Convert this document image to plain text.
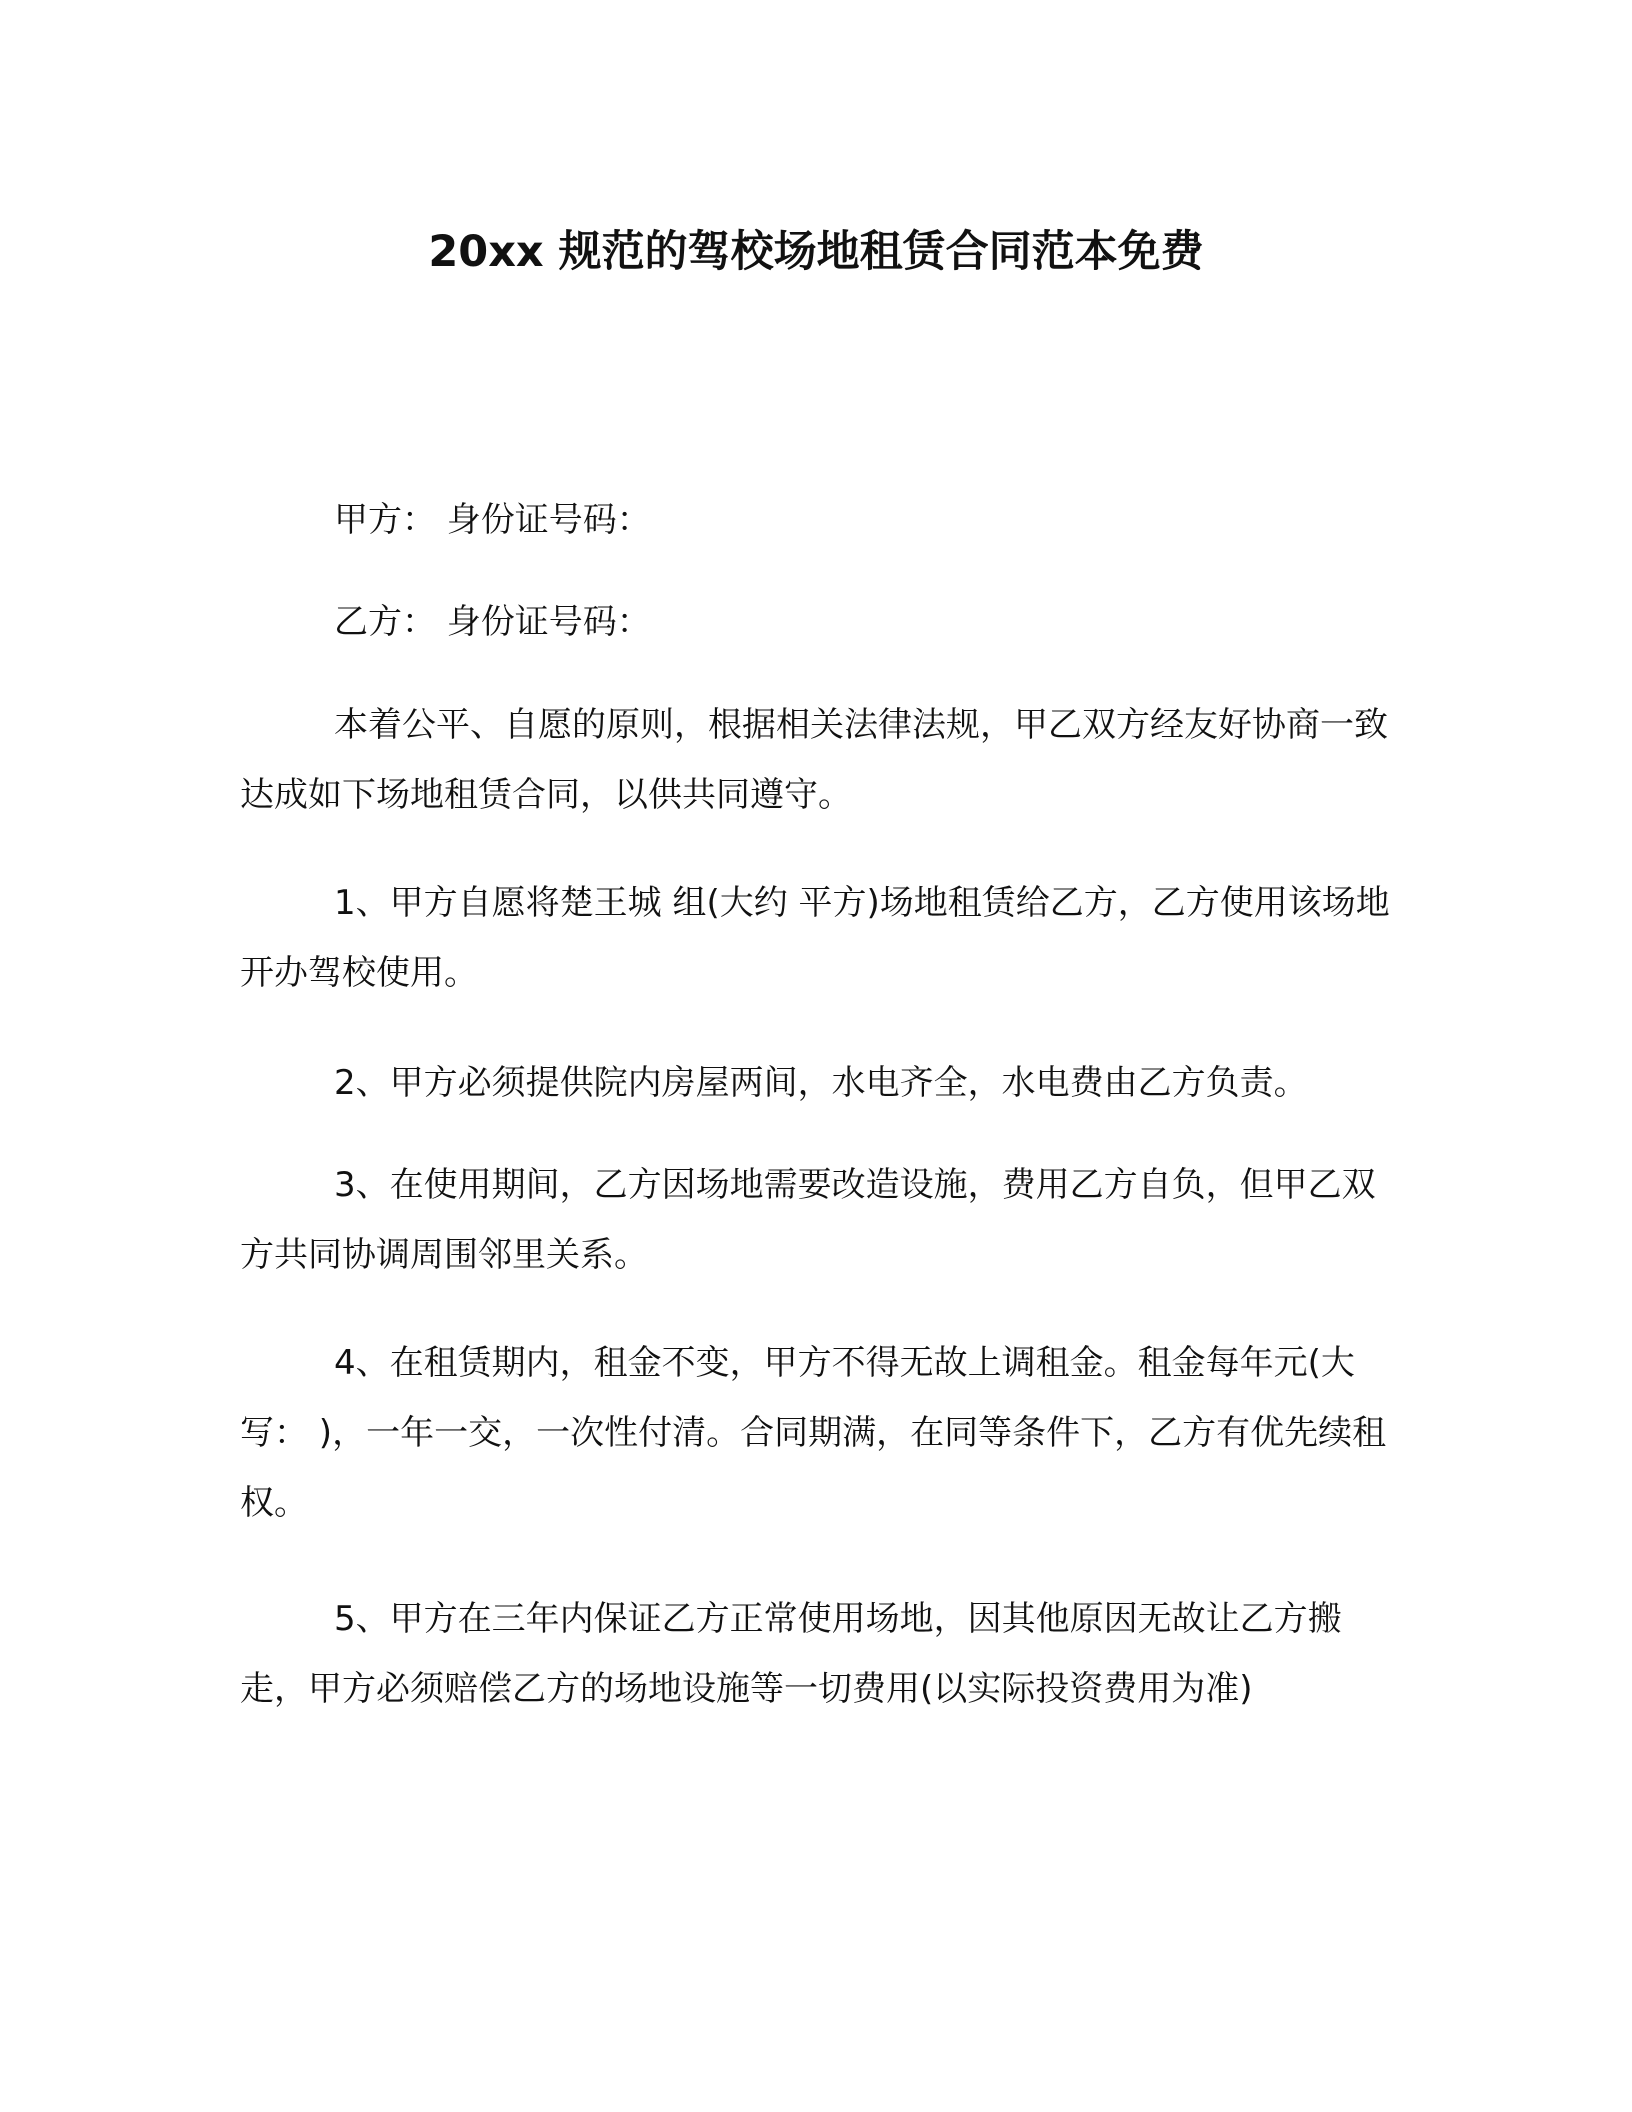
20xx 规范的驾校场地租赁合同范本免费

甲方： 身份证号码：

乙方： 身份证号码：

本着公平、自愿的原则，根据相关法律法规，甲乙双方经友好协商一致达成如下场地租赁合同，以供共同遵守。

1、甲方自愿将楚王城 组(大约 平方)场地租赁给乙方，乙方使用该场地开办驾校使用。

2、甲方必须提供院内房屋两间，水电齐全，水电费由乙方负责。

3、在使用期间，乙方因场地需要改造设施，费用乙方自负，但甲乙双方共同协调周围邻里关系。

4、在租赁期内，租金不变，甲方不得无故上调租金。租金每年元(大写： )，一年一交，一次性付清。合同期满，在同等条件下，乙方有优先续租权。

5、甲方在三年内保证乙方正常使用场地，因其他原因无故让乙方搬走，甲方必须赔偿乙方的场地设施等一切费用(以实际投资费用为准)
